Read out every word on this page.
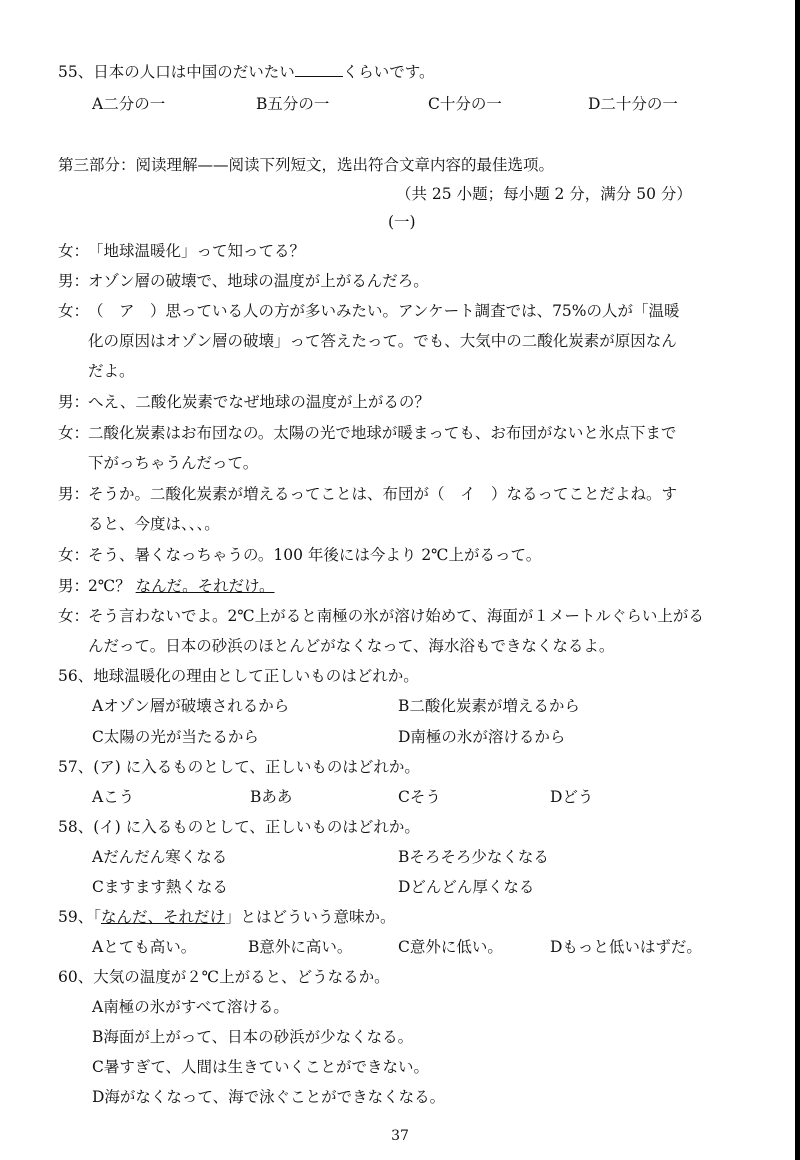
55、日本の人口は中国のだいたい	くらいです。
A二分の一	B五分の一	C十分の一	D二十分の一
第三部分：阅读理解——阅读下列短文，选出符合文章内容的最佳选项。
（共 25 小题；每小题 2 分，满分 50 分）
(一)
女：「地球温暖化」って知ってる？
男：オゾン層の破壊で、地球の温度が上がるんだろ。
女：（　ア　）思っている人の方が多いみたい。アンケート調査では、75%の人が「温暖
化の原因はオゾン層の破壊」って答えたって。でも、大気中の二酸化炭素が原因なん
だよ。
男：へえ、二酸化炭素でなぜ地球の温度が上がるの？
女：二酸化炭素はお布団なの。太陽の光で地球が暖まっても、お布団がないと氷点下まで
下がっちゃうんだって。
男：そうか。二酸化炭素が増えるってことは、布団が（　イ　）なるってことだよね。す
ると、今度は、、、。
女：そう、暑くなっちゃうの。100 年後には今より 2℃上がるって。
男：2℃？ なんだ。それだけ。
女：そう言わないでよ。2℃上がると南極の氷が溶け始めて、海面が１メートルぐらい上がる
んだって。日本の砂浜のほとんどがなくなって、海水浴もできなくなるよ。
56、地球温暖化の理由として正しいものはどれか。
Aオゾン層が破壊されるから	B二酸化炭素が増えるから
C太陽の光が当たるから	D南極の氷が溶けるから
57、(ア) に入るものとして、正しいものはどれか。
Aこう	Bああ	Cそう	Dどう
58、(イ) に入るものとして、正しいものはどれか。
Aだんだん寒くなる	Bそろそろ少なくなる
Cますます熱くなる	Dどんどん厚くなる
59、「なんだ、それだけ」とはどういう意味か。
Aとても高い。	B意外に高い。	C意外に低い。	Dもっと低いはずだ。
60、大気の温度が２℃上がると、どうなるか。
A南極の氷がすべて溶ける。
B海面が上がって、日本の砂浜が少なくなる。
C暑すぎて、人間は生きていくことができない。
D海がなくなって、海で泳ぐことができなくなる。
37
